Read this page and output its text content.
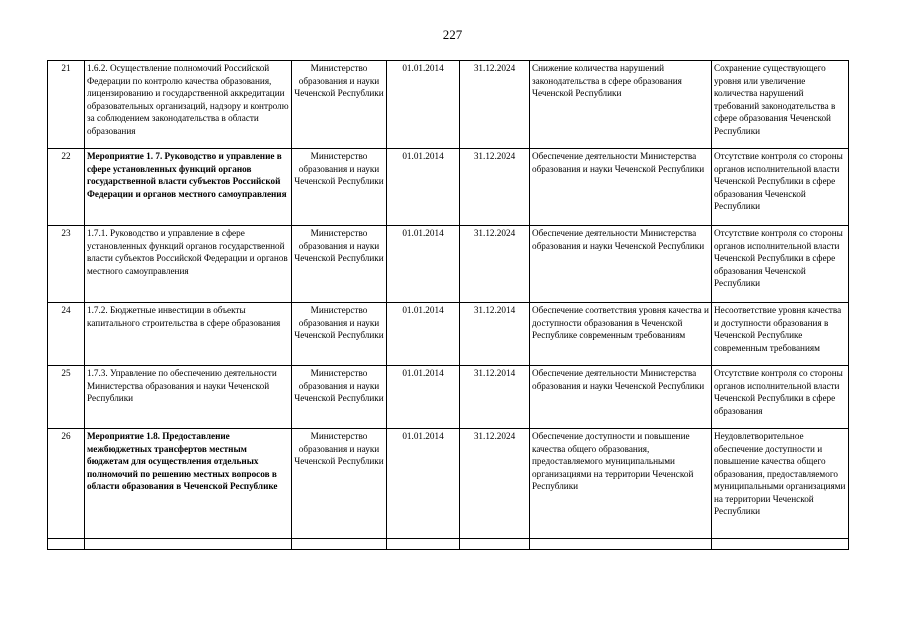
227
21	1.6.2. Осуществление полномочий Российской Федерации по контролю качества образования, лицензированию и государственной аккредитации образовательных организаций, надзору и контролю за соблюдением законодательства в области образования	Министерство образования и науки Чеченской Республики	01.01.2014	31.12.2024	Снижение количества нарушений законодательства в сфере образования Чеченской Республики	Сохранение существующего уровня или увеличение количества нарушений требований законодательства в сфере образования Чеченской Республики

22	Мероприятие 1. 7. Руководство и управление в сфере установленных функций органов государственной власти субъектов Российской Федерации и органов местного самоуправления	Министерство образования и науки Чеченской Республики	01.01.2014	31.12.2024	Обеспечение деятельности Министерства образования и науки Чеченской Республики	Отсутствие контроля со стороны органов исполнительной власти Чеченской Республики в сфере образования Чеченской Республики

23	1.7.1. Руководство и управление в сфере установленных функций органов государственной власти субъектов Российской Федерации и органов местного самоуправления	Министерство образования и науки Чеченской Республики	01.01.2014	31.12.2024	Обеспечение деятельности Министерства образования и науки Чеченской Республики	Отсутствие контроля со стороны органов исполнительной власти Чеченской Республики в сфере образования Чеченской Республики

24	1.7.2. Бюджетные инвестиции в объекты капитального строительства в сфере образования	Министерство образования и науки Чеченской Республики	01.01.2014	31.12.2014	Обеспечение соответствия уровня качества и доступности образования в Чеченской Республике современным требованиям	Несоответствие уровня качества и доступности образования в Чеченской Республике современным требованиям

25	1.7.3. Управление по обеспечению деятельности Министерства образования и науки Чеченской Республики	Министерство образования и науки Чеченской Республики	01.01.2014	31.12.2014	Обеспечение деятельности Министерства образования и науки Чеченской Республики	Отсутствие контроля со стороны органов исполнительной власти Чеченской Республики в сфере образования

26	Мероприятие 1.8. Предоставление межбюджетных трансфертов местным бюджетам для осуществления отдельных полномочий по решению местных вопросов в области образования в Чеченской Республике	Министерство образования и науки Чеченской Республики	01.01.2014	31.12.2024	Обеспечение доступности и повышение качества общего образования, предоставляемого муниципальными организациями на территории Чеченской Республики	Неудовлетворительное обеспечение доступности и повышение качества общего образования, предоставляемого муниципальными организациями на территории Чеченской Республики
